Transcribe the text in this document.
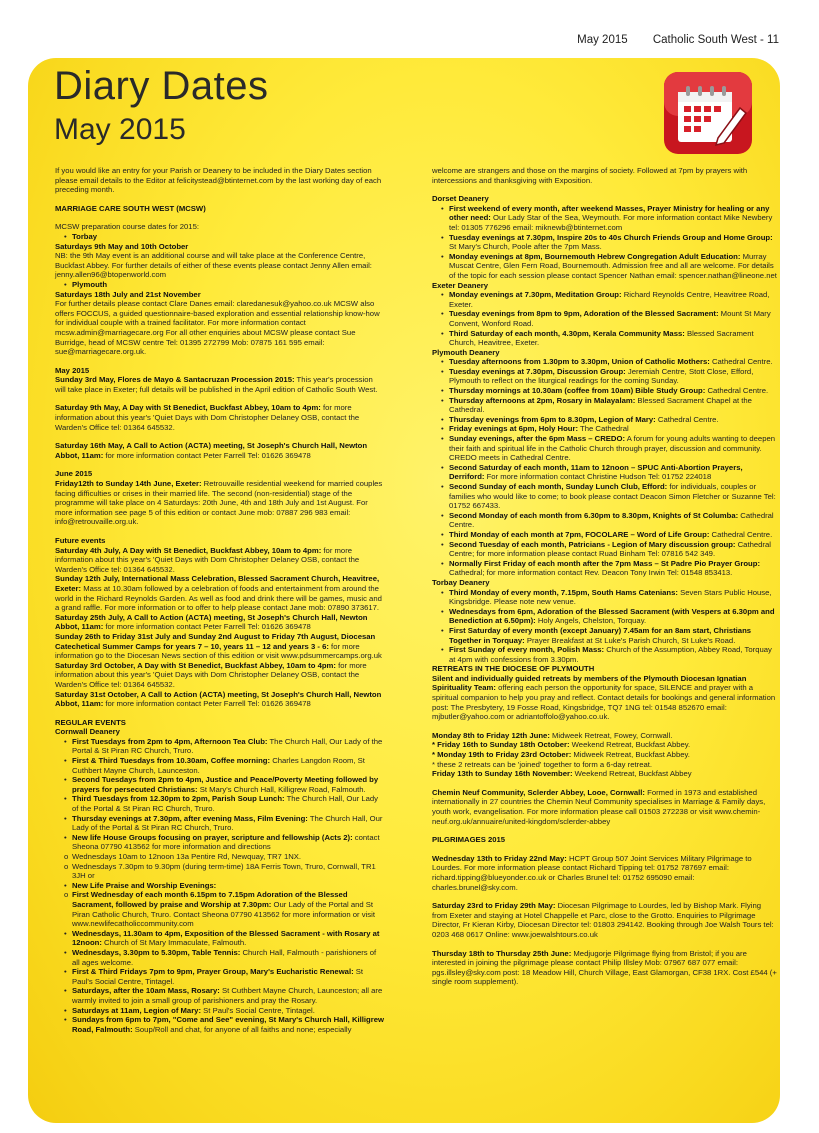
May 2015 Catholic South West - 11
Diary Dates
May 2015

If you would like an entry for your Parish or Deanery to be included in the Diary Dates section please email details to the Editor at felicitystead@btinternet.com by the last working day of each preceding month.

MARRIAGE CARE SOUTH WEST (MCSW)

MCSW preparation course dates for 2015:
• Torbay
Saturdays 9th May and 10th October
NB: the 9th May event is an additional course and will take place at the Conference Centre, Buckfast Abbey. For further details of either of these events please contact Jenny Allen email: jenny.allen96@btopenworld.com
• Plymouth
Saturdays 18th July and 21st November
For further details please contact Clare Danes email: claredanesuk@yahoo.co.uk MCSW also offers FOCCUS, a guided questionnaire-based exploration and essential relationship know-how for individual couple with a trained facilitator. For more information contact mcsw.admin@marriagecare.org For all other enquiries about MCSW please contact Sue Burridge, head of MCSW centre Tel: 01395 272799 Mob: 07875 161 595 email: sue@marriagecare.org.uk.
May 2015

Sunday 3rd May, Flores de Mayo & Santacruzan Procession 2015: This year's procession will take place in Exeter; full details will be published in the April edition of Catholic South West.

Saturday 9th May, A Day with St Benedict, Buckfast Abbey, 10am to 4pm: for more information about this year's 'Quiet Days with Dom Christopher Delaney OSB, contact the Warden's Office tel: 01364 645532.

Saturday 16th May, A Call to Action (ACTA) meeting, St Joseph's Church Hall, Newton Abbot, 11am: for more information contact Peter Farrell Tel: 01626 369478

June 2015

Friday12th to Sunday 14th June, Exeter: Retrouvaille residential weekend for married couples facing difficulties or crises in their married life. The second (non-residential) stage of the programme will take place on 4 Saturdays: 20th June, 4th and 18th July and 1st August. For more information see page 5 of this edition or contact June mob: 07887 296 983 email: info@retrouvaille.org.uk.

Future events
Saturday 4th July, A Day with St Benedict, Buckfast Abbey, 10am to 4pm: for more information about this year's 'Quiet Days with Dom Christopher Delaney OSB, contact the Warden's Office tel: 01364 645532.
Sunday 12th July, International Mass Celebration, Blessed Sacrament Church, Heavitree, Exeter: Mass at 10.30am followed by a celebration of foods and entertainment from around the world in the Richard Reynolds Garden. As well as food and drink there will be games, music and a grand raffle. For more information or to offer to help please contact Jane mob: 07890 373617.
Saturday 25th July, A Call to Action (ACTA) meeting, St Joseph's Church Hall, Newton Abbot, 11am: for more information contact Peter Farrell Tel: 01626 369478
Sunday 26th to Friday 31st July and Sunday 2nd August to Friday 7th August, Diocesan Catechetical Summer Camps for years 7 – 10, years 11 – 12 and years 3 - 6: for more information go to the Diocesan News section of this edition or visit www.pdsummercamps.org.uk
Saturday 3rd October, A Day with St Benedict, Buckfast Abbey, 10am to 4pm: for more information about this year's 'Quiet Days with Dom Christopher Delaney OSB, contact the Warden's Office tel: 01364 645532.

Saturday 31st October, A Call to Action (ACTA) meeting, St Joseph's Church Hall, Newton Abbot, 11am: for more information contact Peter Farrell Tel: 01626 369478

REGULAR EVENTS
Cornwall Deanery
• First Tuesdays from 2pm to 4pm, Afternoon Tea Club: The Church Hall, Our Lady of the Portal & St Piran RC Church, Truro.
• First & Third Tuesdays from 10.30am, Coffee morning: Charles Langdon Room, St Cuthbert Mayne Church, Launceston.
• Second Tuesdays from 2pm to 4pm, Justice and Peace/Poverty Meeting followed by prayers for persecuted Christians: St Mary's Church Hall, Killigrew Road, Falmouth.
• Third Tuesdays from 12.30pm to 2pm, Parish Soup Lunch: The Church Hall, Our Lady of the Portal & St Piran RC Church, Truro.
• Thursday evenings at 7.30pm, after evening Mass, Film Evening: The Church Hall, Our Lady of the Portal & St Piran RC Church, Truro.
• New life House Groups focusing on prayer, scripture and fellowship (Acts 2): contact Sheona 07790 413562 for more information and directions
o Wednesdays 10am to 12noon 13a Pentire Rd, Newquay, TR7 1NX.
o Wednesdays 7.30pm to 9.30pm (during term-time) 18A Ferris Town, Truro, Cornwall, TR1 3JH or
• New Life Praise and Worship Evenings:
o First Wednesday of each month 6.15pm to 7.15pm Adoration of the Blessed Sacrament, followed by praise and Worship at 7.30pm: Our Lady of the Portal and St Piran Catholic Church, Truro. Contact Sheona 07790 413562 for more information or visit www.newlifecatholiccommunity.com
• Wednesdays, 11.30am to 4pm, Exposition of the Blessed Sacrament - with Rosary at 12noon: Church of St Mary Immaculate, Falmouth.
• Wednesdays, 3.30pm to 5.30pm, Table Tennis: Church Hall, Falmouth - parishioners of all ages welcome.
• First & Third Fridays 7pm to 9pm, Prayer Group, Mary's Eucharistic Renewal: St Paul's Social Centre, Tintagel.
• Saturdays, after the 10am Mass, Rosary: St Cuthbert Mayne Church, Launceston; all are warmly invited to join a small group of parishioners and pray the Rosary.
• Saturdays at 11am, Legion of Mary: St Paul's Social Centre, Tintagel.
• Sundays from 6pm to 7pm, "Come and See" evening, St Mary's Church Hall, Killigrew Road, Falmouth: Soup/Roll and chat, for anyone of all faiths and none; especially

welcome are strangers and those on the margins of society. Followed at 7pm by prayers with intercessions and thanksgiving with Exposition.

Dorset Deanery
• First weekend of every month, after weekend Masses, Prayer Ministry for healing or any other need: Our Lady Star of the Sea, Weymouth. For more information contact Mike Newbery tel: 01305 776296 email: miknewb@btinternet.com
• Tuesday evenings at 7.30pm, Inspire 20s to 40s Church Friends Group and Home Group: St Mary's Church, Poole after the 7pm Mass.
• Monday evenings at 8pm, Bournemouth Hebrew Congregation Adult Education: Murray Muscat Centre, Glen Fern Road, Bournemouth. Admission free and all are welcome. For details of the topic for each session please contact Spencer Nathan email: spencer.nathan@lineone.net
Exeter Deanery
• Monday evenings at 7.30pm, Meditation Group: Richard Reynolds Centre, Heavitree Road, Exeter.
• Tuesday evenings from 8pm to 9pm, Adoration of the Blessed Sacrament: Mount St Mary Convent, Wonford Road.
• Third Saturday of each month, 4.30pm, Kerala Community Mass: Blessed Sacrament Church, Heavitree, Exeter.
Plymouth Deanery
• Tuesday afternoons from 1.30pm to 3.30pm, Union of Catholic Mothers: Cathedral Centre.
• Tuesday evenings at 7.30pm, Discussion Group: Jeremiah Centre, Stott Close, Efford, Plymouth to reflect on the liturgical readings for the coming Sunday.
• Thursday mornings at 10.30am (coffee from 10am) Bible Study Group: Cathedral Centre.
• Thursday afternoons at 2pm, Rosary in Malayalam: Blessed Sacrament Chapel at the Cathedral.
• Thursday evenings from 6pm to 8.30pm, Legion of Mary: Cathedral Centre.
• Friday evenings at 6pm, Holy Hour: The Cathedral
• Sunday evenings, after the 6pm Mass – CREDO: A forum for young adults wanting to deepen their faith and spiritual life in the Catholic Church through prayer, discussion and community. CREDO meets in Cathedral Centre.
• Second Saturday of each month, 11am to 12noon – SPUC Anti-Abortion Prayers, Derriford: For more information contact Christine Hudson Tel: 01752 224018
• Second Sunday of each month, Sunday Lunch Club, Efford: for individuals, couples or families who would like to come; to book please contact Deacon Simon Fletcher or Suzanne Tel: 01752 667433.
• Second Monday of each month from 6.30pm to 8.30pm, Knights of St Columba: Cathedral Centre.
• Third Monday of each month at 7pm, FOCOLARE – Word of Life Group: Cathedral Centre.
• Second Tuesday of each month, Patricians - Legion of Mary discussion group: Cathedral Centre; for more information please contact Ruad Binham Tel: 07816 542 349.
• Normally First Friday of each month after the 7pm Mass – St Padre Pio Prayer Group: Cathedral; for more information contact Rev. Deacon Tony Irwin Tel: 01548 853413.
Torbay Deanery
• Third Monday of every month, 7.15pm, South Hams Catenians: Seven Stars Public House, Kingsbridge. Please note new venue.
• Wednesdays from 6pm, Adoration of the Blessed Sacrament (with Vespers at 6.30pm and Benediction at 6.50pm): Holy Angels, Chelston, Torquay.
• First Saturday of every month (except January) 7.45am for an 8am start, Christians Together in Torquay: Prayer Breakfast at St Luke's Parish Church, St Luke's Road.
• First Sunday of every month, Polish Mass: Church of the Assumption, Abbey Road, Torquay at 4pm with confessions from 3.30pm.
RETREATS IN THE DIOCESE OF PLYMOUTH

Silent and individually guided retreats by members of the Plymouth Diocesan Ignatian Spirituality Team: offering each person the opportunity for space, SILENCE and prayer with a spiritual companion to help you pray and reflect. Contact details for bookings and general information post: The Presbytery, 19 Fosse Road, Kingsbridge, TQ7 1NG tel: 01548 852670 email: mjbutler@yahoo.com or adriantoffolo@yahoo.co.uk.

Monday 8th to Friday 12th June: Midweek Retreat, Fowey, Cornwall.
* Friday 16th to Sunday 18th October: Weekend Retreat, Buckfast Abbey.
* Monday 19th to Friday 23rd October: Midweek Retreat, Buckfast Abbey.
* these 2 retreats can be 'joined' together to form a 6-day retreat.

Friday 13th to Sunday 16th November: Weekend Retreat, Buckfast Abbey

Chemin Neuf Community, Sclerder Abbey, Looe, Cornwall: Formed in 1973 and established internationally in 27 countries the Chemin Neuf Community specialises in Marriage & Family days, youth work, evangelisation. For more information please call 01503 272238 or visit www.chemin-neuf.org.uk/annuaire/united-kingdom/sclerder-abbey

PILGRIMAGES 2015

Wednesday 13th to Friday 22nd May: HCPT Group 507 Joint Services Military Pilgrimage to Lourdes. For more information please contact Richard Tipping tel: 01752 787697 email: richard.tipping@blueyonder.co.uk or Charles Brunel tel: 01752 695090 email: charles.brunel@sky.com.

Saturday 23rd to Friday 29th May: Diocesan Pilgrimage to Lourdes, led by Bishop Mark. Flying from Exeter and staying at Hotel Chappelle et Parc, close to the Grotto. Enquiries to Pilgrimage Director, Fr Kieran Kirby, Diocesan Director tel: 01803 294142. Booking through Joe Walsh Tours tel: 0203 468 0617 Online: www.joewalshtours.co.uk

Thursday 18th to Thursday 25th June: Medjugorje Pilgrimage flying from Bristol; if you are interested in joining the pilgrimage please contact Philip Illsley Mob: 07967 687 077 email: pgs.illsley@sky.com post: 18 Meadow Hill, Church Village, East Glamorgan, CF38 1RX. Cost £544 (+ single room supplement).
